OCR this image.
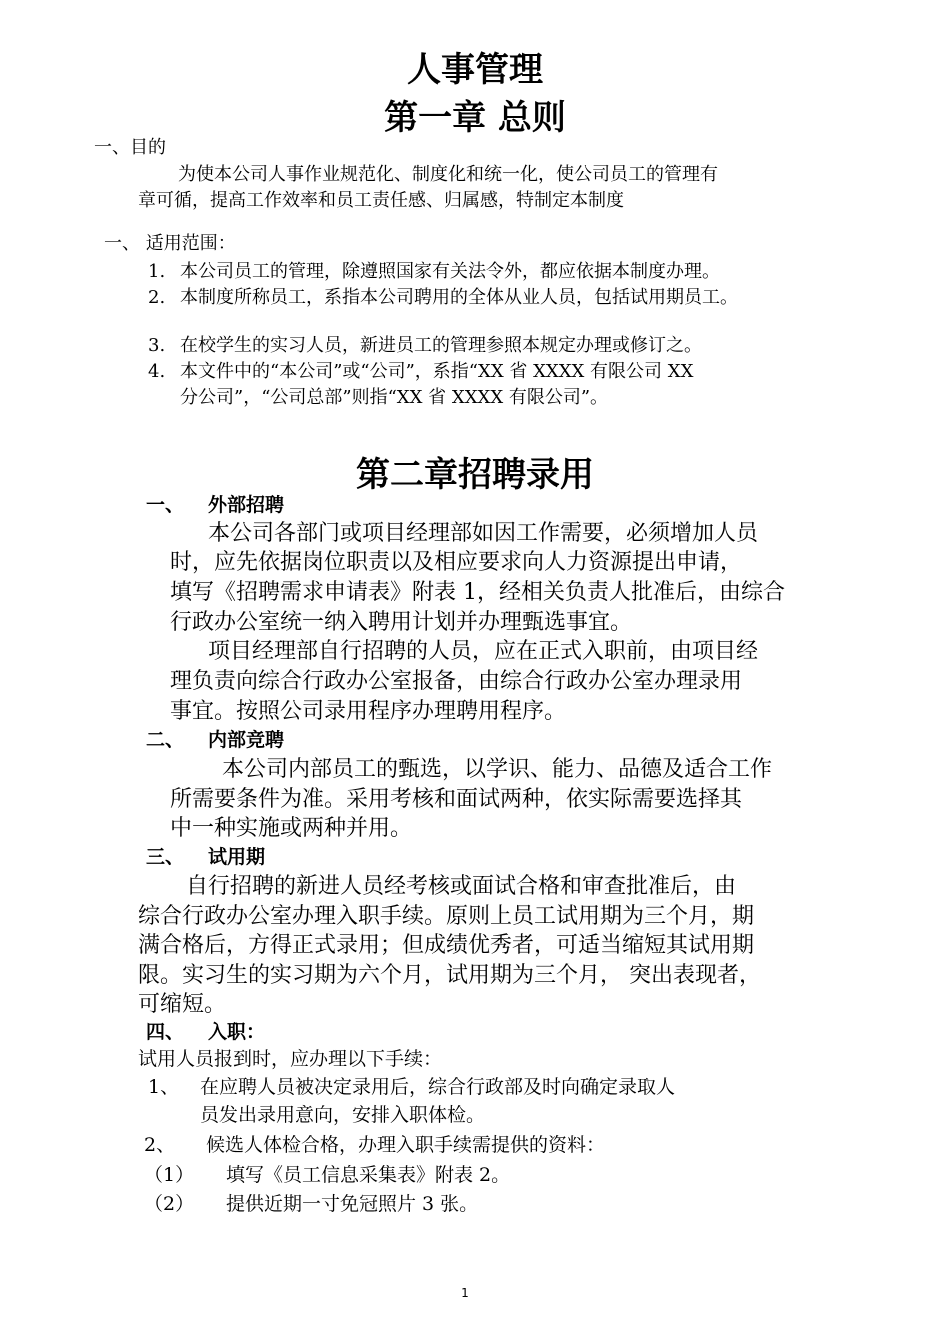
人事管理
第一章 总则
一、目的
为使本公司人事作业规范化、制度化和统一化，使公司员工的管理有
章可循，提高工作效率和员工责任感、归属感，特制定本制度
一、 适用范围：
1. 本公司员工的管理，除遵照国家有关法令外，都应依据本制度办理。
2. 本制度所称员工，系指本公司聘用的全体从业人员，包括试用期员工。
3. 在校学生的实习人员，新进员工的管理参照本规定办理或修订之。
4. 本文件中的“本公司”或“公司”，系指“XX 省 XXXX 有限公司 XX
分公司”，“公司总部”则指“XX 省 XXXX 有限公司”。
第二章招聘录用
一、 外部招聘
本公司各部门或项目经理部如因工作需要，必须增加人员
时，应先依据岗位职责以及相应要求向人力资源提出申请，
填写《招聘需求申请表》附表 1，经相关负责人批准后，由综合
行政办公室统一纳入聘用计划并办理甄选事宜。
项目经理部自行招聘的人员，应在正式入职前，由项目经
理负责向综合行政办公室报备，由综合行政办公室办理录用
事宜。按照公司录用程序办理聘用程序。
二、 内部竞聘
本公司内部员工的甄选，以学识、能力、品德及适合工作
所需要条件为准。采用考核和面试两种，依实际需要选择其
中一种实施或两种并用。
三、 试用期
自行招聘的新进人员经考核或面试合格和审查批准后，由
综合行政办公室办理入职手续。原则上员工试用期为三个月，期
满合格后，方得正式录用；但成绩优秀者，可适当缩短其试用期
限。实习生的实习期为六个月，试用期为三个月， 突出表现者，
可缩短。
四、 入职：
试用人员报到时，应办理以下手续：
1、 在应聘人员被决定录用后，综合行政部及时向确定录取人
员发出录用意向，安排入职体检。
2、 候选人体检合格，办理入职手续需提供的资料：
（1） 填写《员工信息采集表》附表 2。
（2） 提供近期一寸免冠照片 3 张。
1
